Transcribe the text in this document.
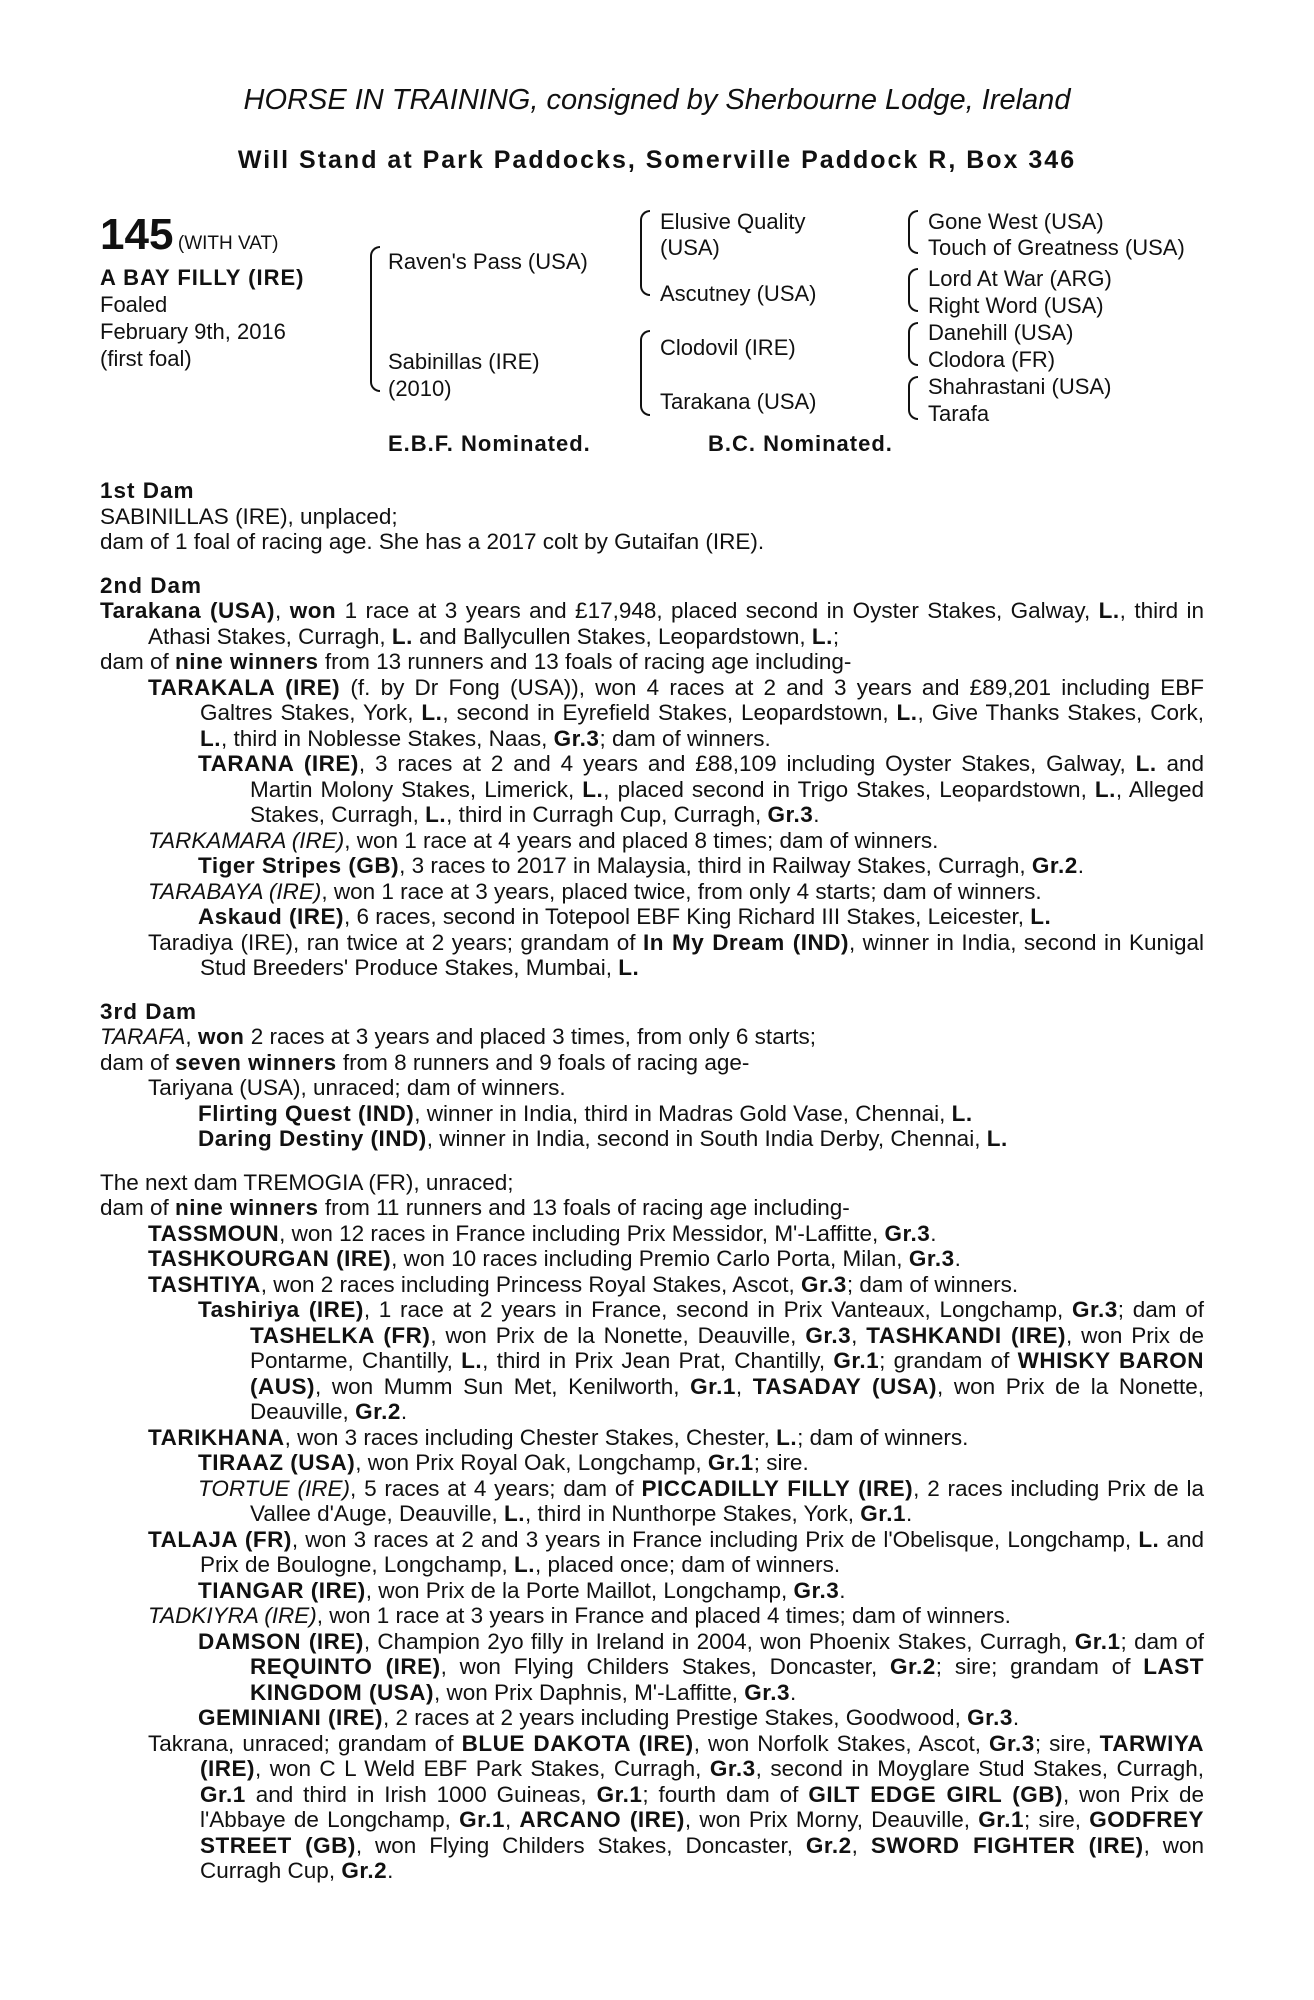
HORSE IN TRAINING, consigned by Sherbourne Lodge, Ireland
Will Stand at Park Paddocks, Somerville Paddock R, Box 346
145 (WITH VAT)
A BAY FILLY (IRE)
Foaled
February 9th, 2016
(first foal)
Raven's Pass (USA)
Sabinillas (IRE)
(2010)
Elusive Quality
(USA)
Ascutney (USA)
Clodovil (IRE)
Tarakana (USA)
Gone West (USA)
Touch of Greatness (USA)
Lord At War (ARG)
Right Word (USA)
Danehill (USA)
Clodora (FR)
Shahrastani (USA)
Tarafa
E.B.F. Nominated.	B.C. Nominated.
1st Dam
SABINILLAS (IRE), unplaced;
dam of 1 foal of racing age. She has a 2017 colt by Gutaifan (IRE).
2nd Dam
Tarakana (USA), won 1 race at 3 years and £17,948, placed second in Oyster Stakes, Galway, L., third in Athasi Stakes, Curragh, L. and Ballycullen Stakes, Leopardstown, L.;
dam of nine winners from 13 runners and 13 foals of racing age including-
TARAKALA (IRE) (f. by Dr Fong (USA)), won 4 races at 2 and 3 years and £89,201 including EBF Galtres Stakes, York, L., second in Eyrefield Stakes, Leopardstown, L., Give Thanks Stakes, Cork, L., third in Noblesse Stakes, Naas, Gr.3; dam of winners.
TARANA (IRE), 3 races at 2 and 4 years and £88,109 including Oyster Stakes, Galway, L. and Martin Molony Stakes, Limerick, L., placed second in Trigo Stakes, Leopardstown, L., Alleged Stakes, Curragh, L., third in Curragh Cup, Curragh, Gr.3.
TARKAMARA (IRE), won 1 race at 4 years and placed 8 times; dam of winners.
Tiger Stripes (GB), 3 races to 2017 in Malaysia, third in Railway Stakes, Curragh, Gr.2.
TARABAYA (IRE), won 1 race at 3 years, placed twice, from only 4 starts; dam of winners.
Askaud (IRE), 6 races, second in Totepool EBF King Richard III Stakes, Leicester, L.
Taradiya (IRE), ran twice at 2 years; grandam of In My Dream (IND), winner in India, second in Kunigal Stud Breeders' Produce Stakes, Mumbai, L.
3rd Dam
TARAFA, won 2 races at 3 years and placed 3 times, from only 6 starts;
dam of seven winners from 8 runners and 9 foals of racing age-
Tariyana (USA), unraced; dam of winners.
Flirting Quest (IND), winner in India, third in Madras Gold Vase, Chennai, L.
Daring Destiny (IND), winner in India, second in South India Derby, Chennai, L.
The next dam TREMOGIA (FR), unraced;
dam of nine winners from 11 runners and 13 foals of racing age including-
TASSMOUN, won 12 races in France including Prix Messidor, M'-Laffitte, Gr.3.
TASHKOURGAN (IRE), won 10 races including Premio Carlo Porta, Milan, Gr.3.
TASHTIYA, won 2 races including Princess Royal Stakes, Ascot, Gr.3; dam of winners.
Tashiriya (IRE), 1 race at 2 years in France, second in Prix Vanteaux, Longchamp, Gr.3; dam of TASHELKA (FR), won Prix de la Nonette, Deauville, Gr.3, TASHKANDI (IRE), won Prix de Pontarme, Chantilly, L., third in Prix Jean Prat, Chantilly, Gr.1; grandam of WHISKY BARON (AUS), won Mumm Sun Met, Kenilworth, Gr.1, TASADAY (USA), won Prix de la Nonette, Deauville, Gr.2.
TARIKHANA, won 3 races including Chester Stakes, Chester, L.; dam of winners.
TIRAAZ (USA), won Prix Royal Oak, Longchamp, Gr.1; sire.
TORTUE (IRE), 5 races at 4 years; dam of PICCADILLY FILLY (IRE), 2 races including Prix de la Vallee d'Auge, Deauville, L., third in Nunthorpe Stakes, York, Gr.1.
TALAJA (FR), won 3 races at 2 and 3 years in France including Prix de l'Obelisque, Longchamp, L. and Prix de Boulogne, Longchamp, L., placed once; dam of winners.
TIANGAR (IRE), won Prix de la Porte Maillot, Longchamp, Gr.3.
TADKIYRA (IRE), won 1 race at 3 years in France and placed 4 times; dam of winners.
DAMSON (IRE), Champion 2yo filly in Ireland in 2004, won Phoenix Stakes, Curragh, Gr.1; dam of REQUINTO (IRE), won Flying Childers Stakes, Doncaster, Gr.2; sire; grandam of LAST KINGDOM (USA), won Prix Daphnis, M'-Laffitte, Gr.3.
GEMINIANI (IRE), 2 races at 2 years including Prestige Stakes, Goodwood, Gr.3.
Takrana, unraced; grandam of BLUE DAKOTA (IRE), won Norfolk Stakes, Ascot, Gr.3; sire, TARWIYA (IRE), won C L Weld EBF Park Stakes, Curragh, Gr.3, second in Moyglare Stud Stakes, Curragh, Gr.1 and third in Irish 1000 Guineas, Gr.1; fourth dam of GILT EDGE GIRL (GB), won Prix de l'Abbaye de Longchamp, Gr.1, ARCANO (IRE), won Prix Morny, Deauville, Gr.1; sire, GODFREY STREET (GB), won Flying Childers Stakes, Doncaster, Gr.2, SWORD FIGHTER (IRE), won Curragh Cup, Gr.2.
